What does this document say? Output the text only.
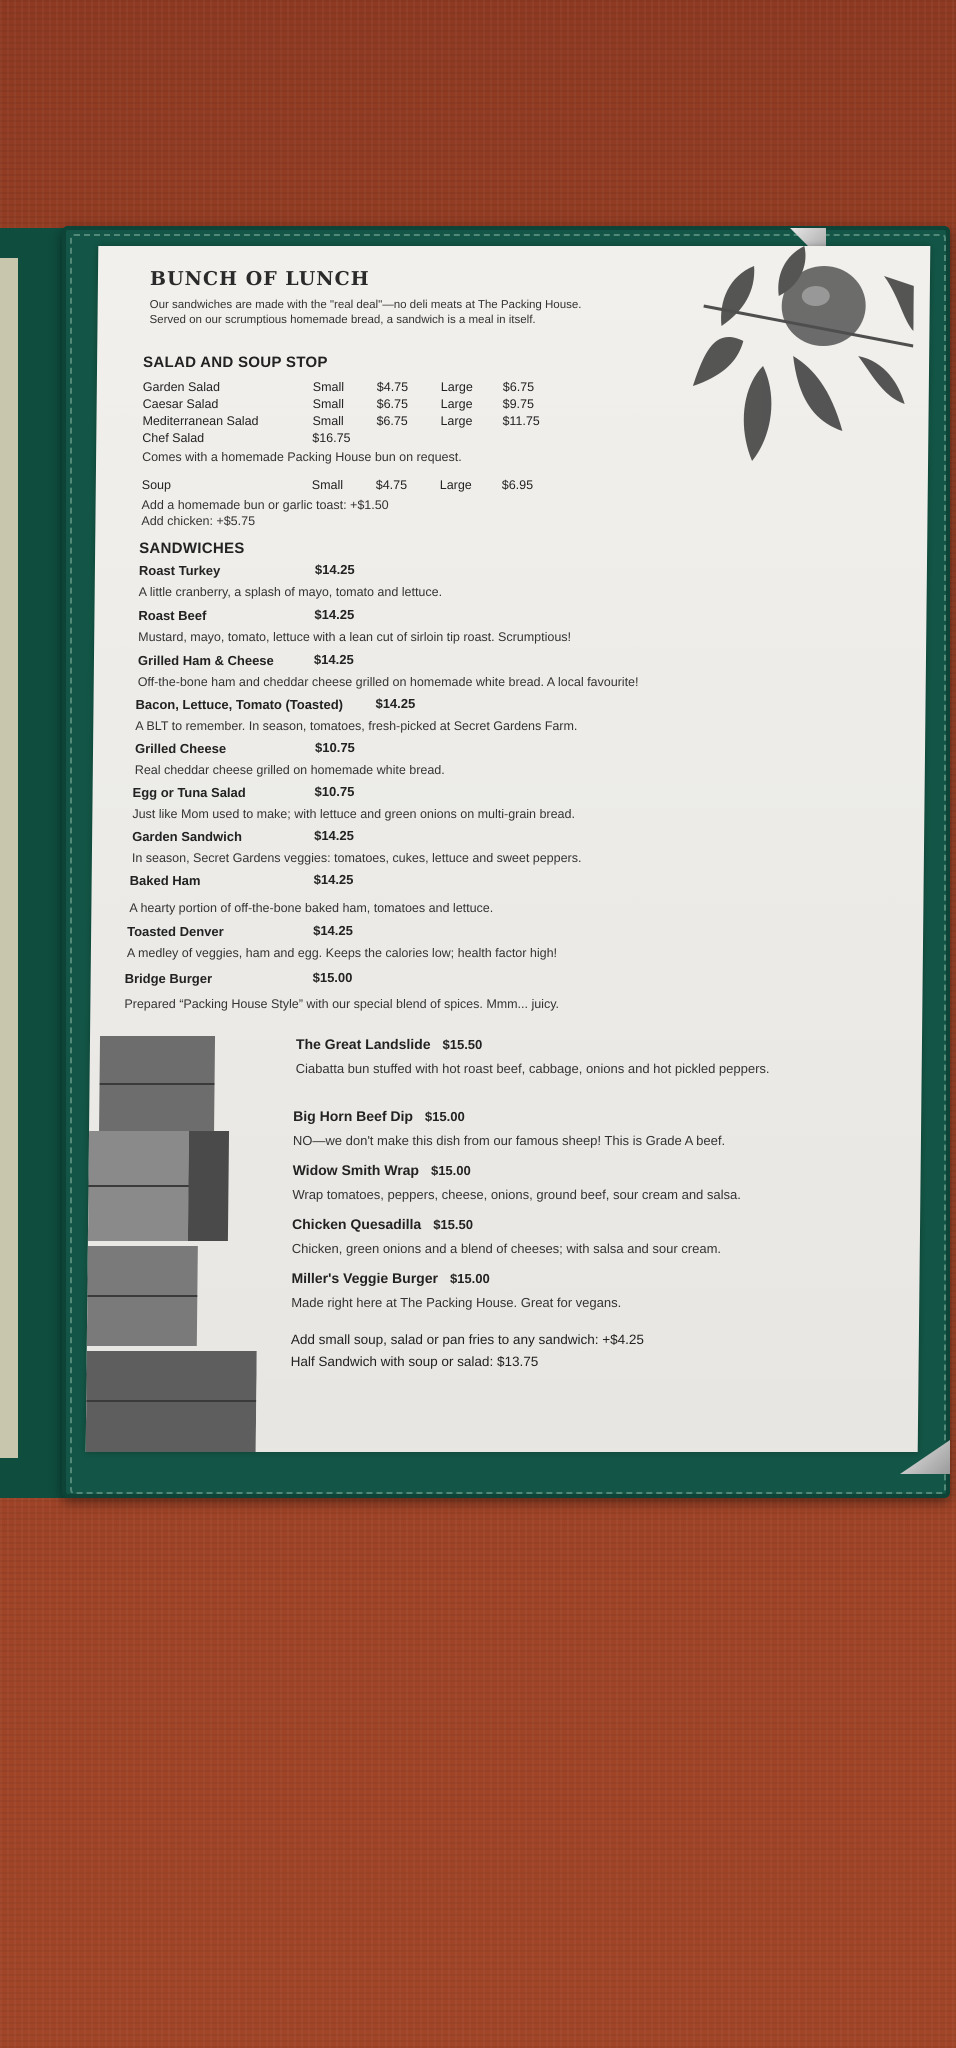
BUNCH OF LUNCH
Our sandwiches are made with the "real deal"—no deli meats at The Packing House. Served on our scrumptious homemade bread, a sandwich is a meal in itself.
SALAD AND SOUP STOP
Garden Salad	Small	$4.75	Large $6.75
Caesar Salad	Small	$6.75	Large $9.75
Mediterranean Salad	Small	$6.75	Large $11.75
Chef Salad	$16.75
Comes with a homemade Packing House bun on request.
Soup	Small	$4.75	Large $6.95
Add a homemade bun or garlic toast: +$1.50
Add chicken: +$5.75
SANDWICHES
Roast Turkey	$14.25
A little cranberry, a splash of mayo, tomato and lettuce.
Roast Beef	$14.25
Mustard, mayo, tomato, lettuce with a lean cut of sirloin tip roast. Scrumptious!
Grilled Ham & Cheese	$14.25
Off-the-bone ham and cheddar cheese grilled on homemade white bread. A local favourite!
Bacon, Lettuce, Tomato (Toasted) $14.25
A BLT to remember. In season, tomatoes, fresh-picked at Secret Gardens Farm.
Grilled Cheese	$10.75
Real cheddar cheese grilled on homemade white bread.
Egg or Tuna Salad	$10.75
Just like Mom used to make; with lettuce and green onions on multi-grain bread.
Garden Sandwich	$14.25
In season, Secret Gardens veggies: tomatoes, cukes, lettuce and sweet peppers.
Baked Ham	$14.25
A hearty portion of off-the-bone baked ham, tomatoes and lettuce.
Toasted Denver	$14.25
A medley of veggies, ham and egg. Keeps the calories low; health factor high!
Bridge Burger	$15.00
Prepared “Packing House Style” with our special blend of spices. Mmm... juicy.
The Great Landslide $15.50
Ciabatta bun stuffed with hot roast beef, cabbage, onions and hot pickled peppers.
Big Horn Beef Dip $15.00
NO—we don't make this dish from our famous sheep! This is Grade A beef.
Widow Smith Wrap $15.00
Wrap tomatoes, peppers, cheese, onions, ground beef, sour cream and salsa.
Chicken Quesadilla $15.50
Chicken, green onions and a blend of cheeses; with salsa and sour cream.
Miller's Veggie Burger $15.00
Made right here at The Packing House. Great for vegans.
Add small soup, salad or pan fries to any sandwich: +$4.25
Half Sandwich with soup or salad: $13.75
